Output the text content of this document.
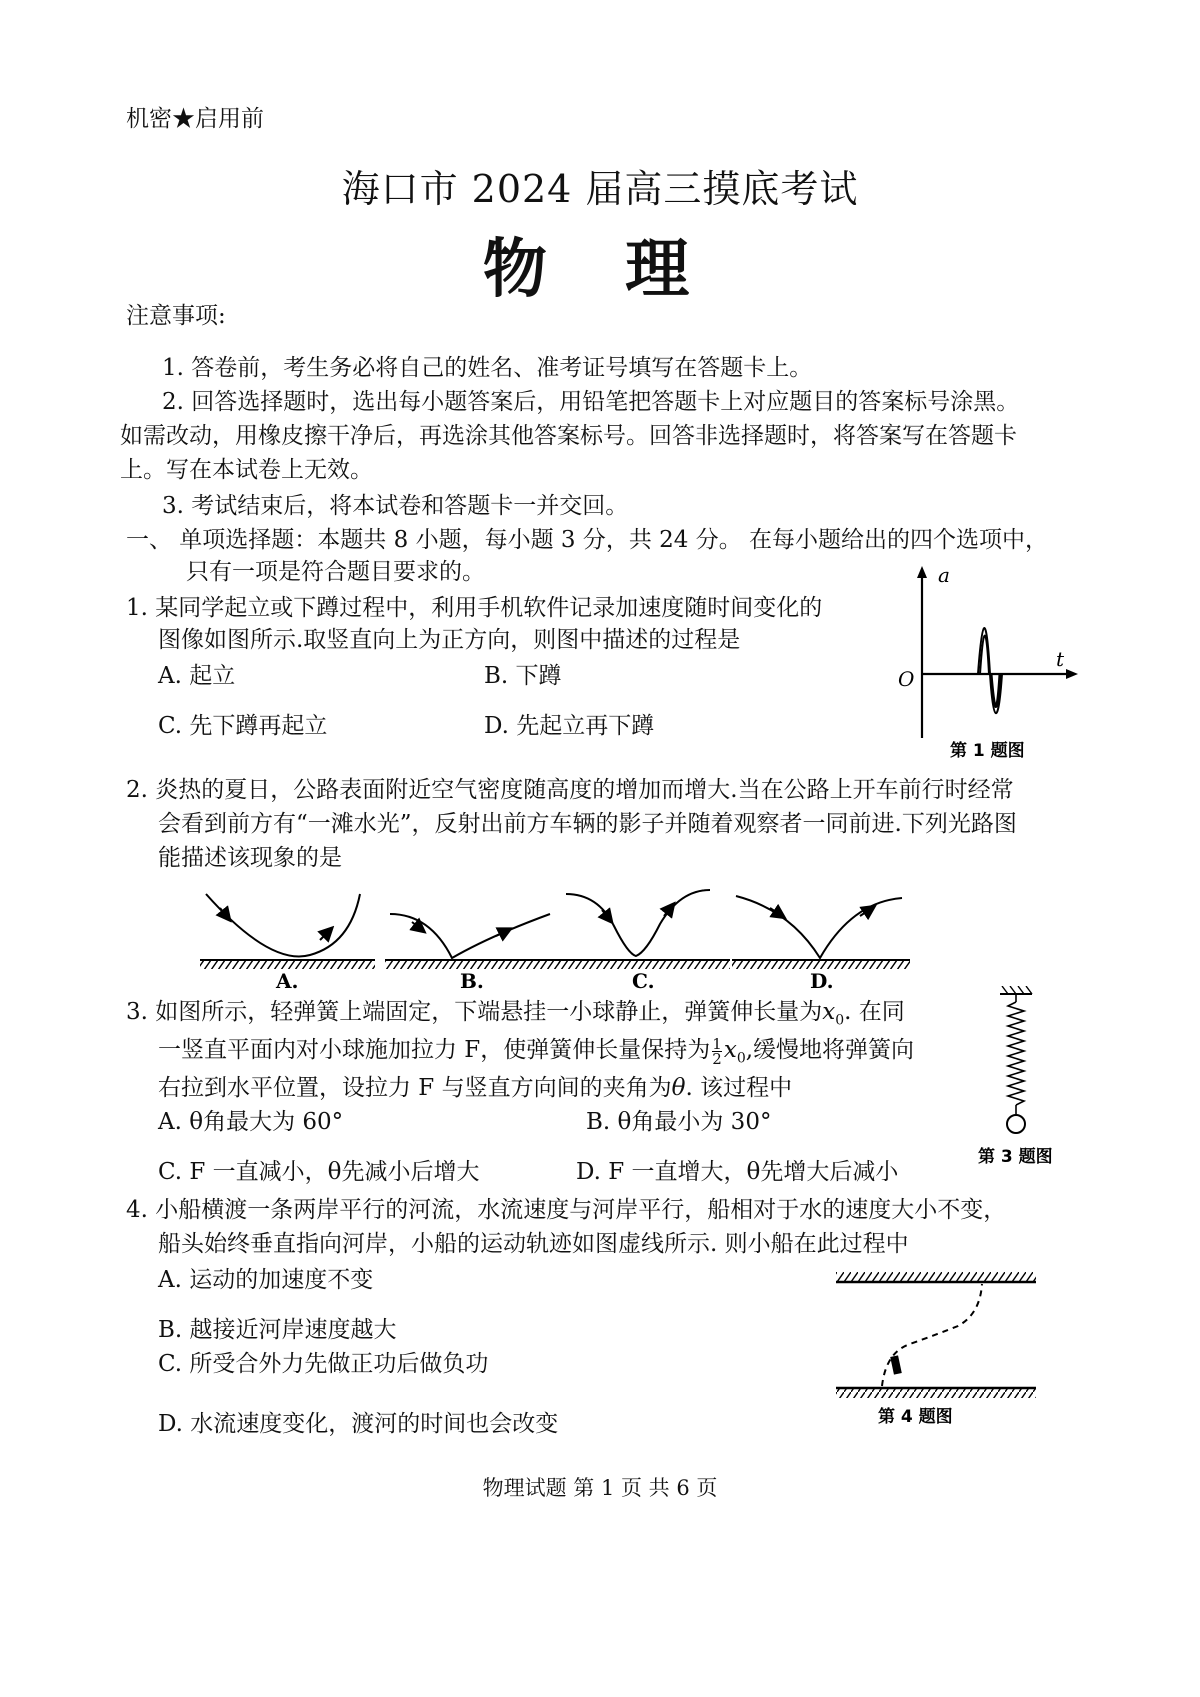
机密★启用前
海口市 2024 届高三摸底考试
物 理
注意事项:
1. 答卷前，考生务必将自己的姓名、准考证号填写在答题卡上。
2. 回答选择题时，选出每小题答案后，用铅笔把答题卡上对应题目的答案标号涂黑。
如需改动，用橡皮擦干净后，再选涂其他答案标号。回答非选择题时，将答案写在答题卡
上。写在本试卷上无效。
3. 考试结束后，将本试卷和答题卡一并交回。
一、 单项选择题：本题共 8 小题，每小题 3 分，共 24 分。 在每小题给出的四个选项中，
只有一项是符合题目要求的。
1. 某同学起立或下蹲过程中，利用手机软件记录加速度随时间变化的
图像如图所示.取竖直向上为正方向，则图中描述的过程是
A. 起立	B. 下蹲
C. 先下蹲再起立	D. 先起立再下蹲
a
t
O
第 1 题图
2. 炎热的夏日，公路表面附近空气密度随高度的增加而增大.当在公路上开车前行时经常
会看到前方有“一滩水光”，反射出前方车辆的影子并随着观察者一同前进.下列光路图
能描述该现象的是
A.	B.	C.	D.
3. 如图所示，轻弹簧上端固定，下端悬挂一小球静止，弹簧伸长量为$x_0$. 在同
一竖直平面内对小球施加拉力 F，使弹簧伸长量保持为 $\frac{1}{2} x_0$,缓慢地将弹簧向
右拉到水平位置，设拉力 F 与竖直方向间的夹角为θ. 该过程中
A. θ角最大为 60°	B. θ角最小为 30°
C. F 一直减小，θ先减小后增大	D. F 一直增大，θ先增大后减小
第 3 题图
4. 小船横渡一条两岸平行的河流，水流速度与河岸平行，船相对于水的速度大小不变，
船头始终垂直指向河岸，小船的运动轨迹如图虚线所示. 则小船在此过程中
A. 运动的加速度不变
B. 越接近河岸速度越大
C. 所受合外力先做正功后做负功
D. 水流速度变化，渡河的时间也会改变	第 4 题图
物理试题 第 1 页 共 6 页
